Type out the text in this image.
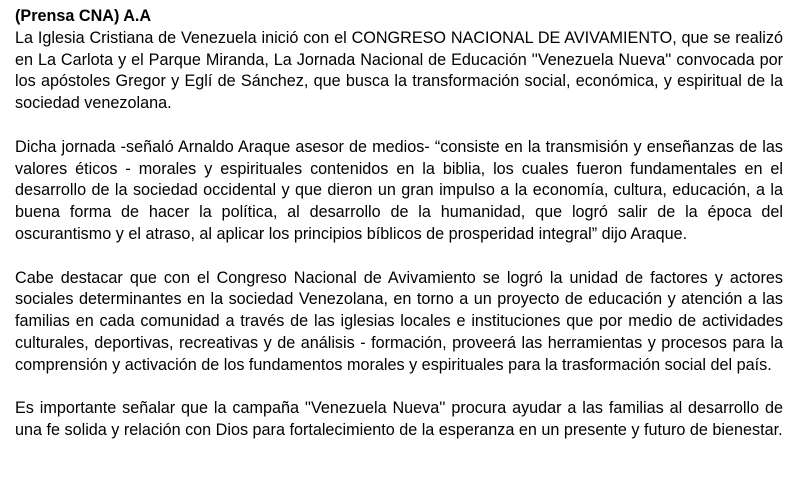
(Prensa CNA) A.A

La Iglesia Cristiana de Venezuela inició con el CONGRESO NACIONAL DE AVIVAMIENTO, que se realizó en La Carlota y el Parque Miranda, La Jornada Nacional de Educación ''Venezuela Nueva'' convocada por los apóstoles Gregor y Eglí de Sánchez, que busca la transformación social, económica, y espiritual de la sociedad venezolana.

Dicha jornada -señaló Arnaldo Araque asesor de medios- “consiste en la transmisión y enseñanzas de las valores éticos - morales y espirituales contenidos en la biblia, los cuales fueron fundamentales en el desarrollo de la sociedad occidental y que dieron un gran impulso a la economía, cultura, educación, a la buena forma de hacer la política, al desarrollo de la humanidad, que logró salir de la época del oscurantismo y el atraso, al aplicar los principios bíblicos de prosperidad integral” dijo Araque.

Cabe destacar que con el Congreso Nacional de Avivamiento se logró la unidad de factores y actores sociales determinantes en la sociedad Venezolana, en torno a un proyecto de educación y atención a las familias en cada comunidad a través de las iglesias locales e instituciones que por medio de actividades culturales, deportivas, recreativas y de análisis - formación, proveerá las herramientas y procesos para la comprensión y activación de los fundamentos morales y espirituales para la trasformación social del país.

Es importante señalar que la campaña ''Venezuela Nueva'' procura ayudar a las familias al desarrollo de una fe solida y relación con Dios para fortalecimiento de la esperanza en un presente y futuro de bienestar.
